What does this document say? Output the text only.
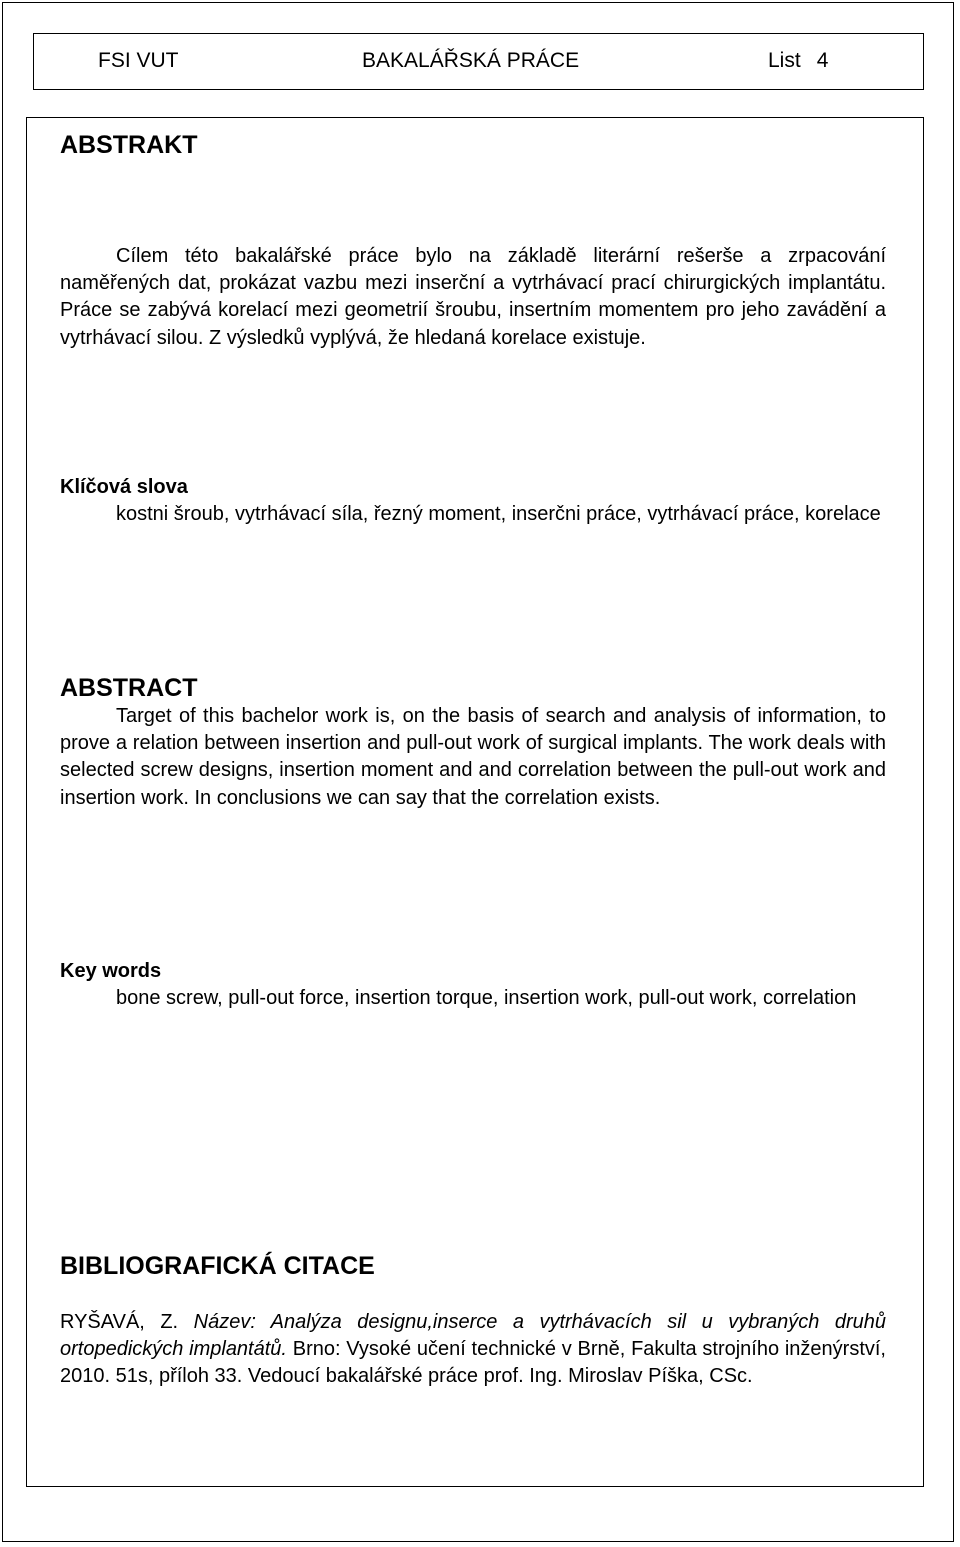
FSI VUT	BAKALÁŘSKÁ PRÁCE	List 4
ABSTRAKT

Cílem této bakalářské práce bylo na základě literární rešerše a zrpacování naměřených dat, prokázat vazbu mezi inserční a vytrhávací prací chirurgických implantátu. Práce se zabývá korelací mezi geometrií šroubu, insertním momentem pro jeho zavádění a vytrhávací silou. Z výsledků vyplývá, že hledaná korelace existuje.

Klíčová slova

kostni šroub, vytrhávací síla, řezný moment, inserčni práce, vytrhávací práce, korelace

ABSTRACT

Target of this bachelor work is, on the basis of search and analysis of information, to prove a relation between insertion and pull-out work of surgical implants. The work deals with selected screw designs, insertion moment and and correlation between the pull-out work and insertion work. In conclusions we can say that the correlation exists.

Key words

bone screw, pull-out force, insertion torque, insertion work, pull-out work, correlation

BIBLIOGRAFICKÁ CITACE

RYŠAVÁ, Z. Název: Analýza designu,inserce a vytrhávacích sil u vybraných druhů ortopedických implantátů. Brno: Vysoké učení technické v Brně, Fakulta strojního inženýrství, 2010. 51s, příloh 33. Vedoucí bakalářské práce prof. Ing. Miroslav Píška, CSc.
